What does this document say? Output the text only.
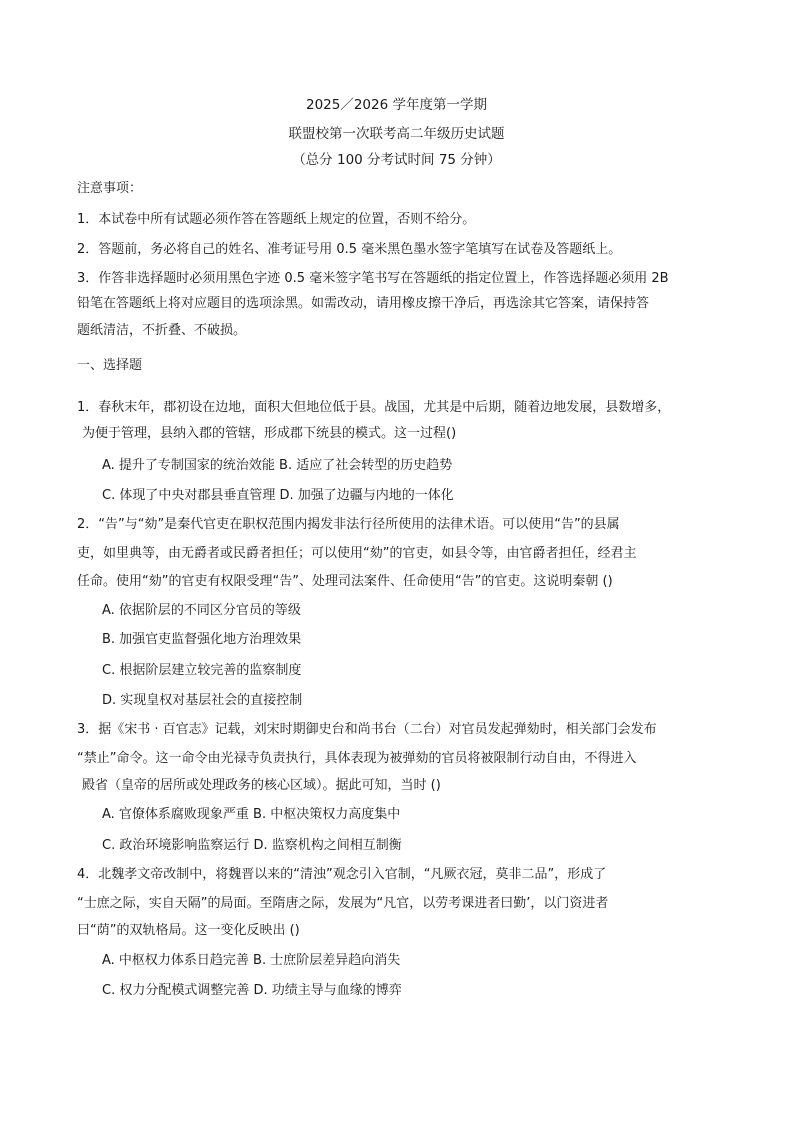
2025／2026 学年度第一学期
联盟校第一次联考高二年级历史试题
（总分 100 分考试时间 75 分钟）
注意事项：
1．本试卷中所有试题必须作答在答题纸上规定的位置，否则不给分。
2．答题前，务必将自己的姓名、准考证号用 0.5 毫米黑色墨水签字笔填写在试卷及答题纸上。
3．作答非选择题时必须用黑色字迹 0.5 毫米签字笔书写在答题纸的指定位置上，作答选择题必须用 2B
铅笔在答题纸上将对应题目的选项涂黑。如需改动，请用橡皮擦干净后，再选涂其它答案，请保持答
题纸清洁，不折叠、不破损。
一、选择题
1．春秋末年，郡初设在边地，面积大但地位低于县。战国，尤其是中后期，随着边地发展，县数增多，
为便于管理，县纳入郡的管辖，形成郡下统县的模式。这一过程()
A. 提升了专制国家的统治效能 B. 适应了社会转型的历史趋势
C. 体现了中央对郡县垂直管理 D. 加强了边疆与内地的一体化
2．“告”与“劾”是秦代官吏在职权范围内揭发非法行径所使用的法律术语。可以使用“告”的县属
吏，如里典等，由无爵者或民爵者担任；可以使用“劾”的官吏，如县令等，由官爵者担任，经君主
任命。使用“劾”的官吏有权限受理“告”、处理司法案件、任命使用“告”的官吏。这说明秦朝 ()
A. 依据阶层的不同区分官员的等级
B. 加强官吏监督强化地方治理效果
C. 根据阶层建立较完善的监察制度
D. 实现皇权对基层社会的直接控制
3．据《宋书 · 百官志》记载，刘宋时期御史台和尚书台（二台）对官员发起弹劾时，相关部门会发布
“禁止”命令。这一命令由光禄寺负责执行，具体表现为被弹劾的官员将被限制行动自由，不得进入
殿省（皇帝的居所或处理政务的核心区域）。据此可知，当时 ()
A. 官僚体系腐败现象严重 B. 中枢决策权力高度集中
C. 政治环境影响监察运行 D. 监察机构之间相互制衡
4．北魏孝文帝改制中，将魏晋以来的“清浊”观念引入官制，“凡厥衣冠，莫非二品”，形成了
“士庶之际，实自天隔”的局面。至隋唐之际，发展为“凡官，以劳考课进者曰勤’，以门资进者
曰“荫”的双轨格局。这一变化反映出 ()
A. 中枢权力体系日趋完善 B. 士庶阶层差异趋向消失
C. 权力分配模式调整完善 D. 功绩主导与血缘的博弈
